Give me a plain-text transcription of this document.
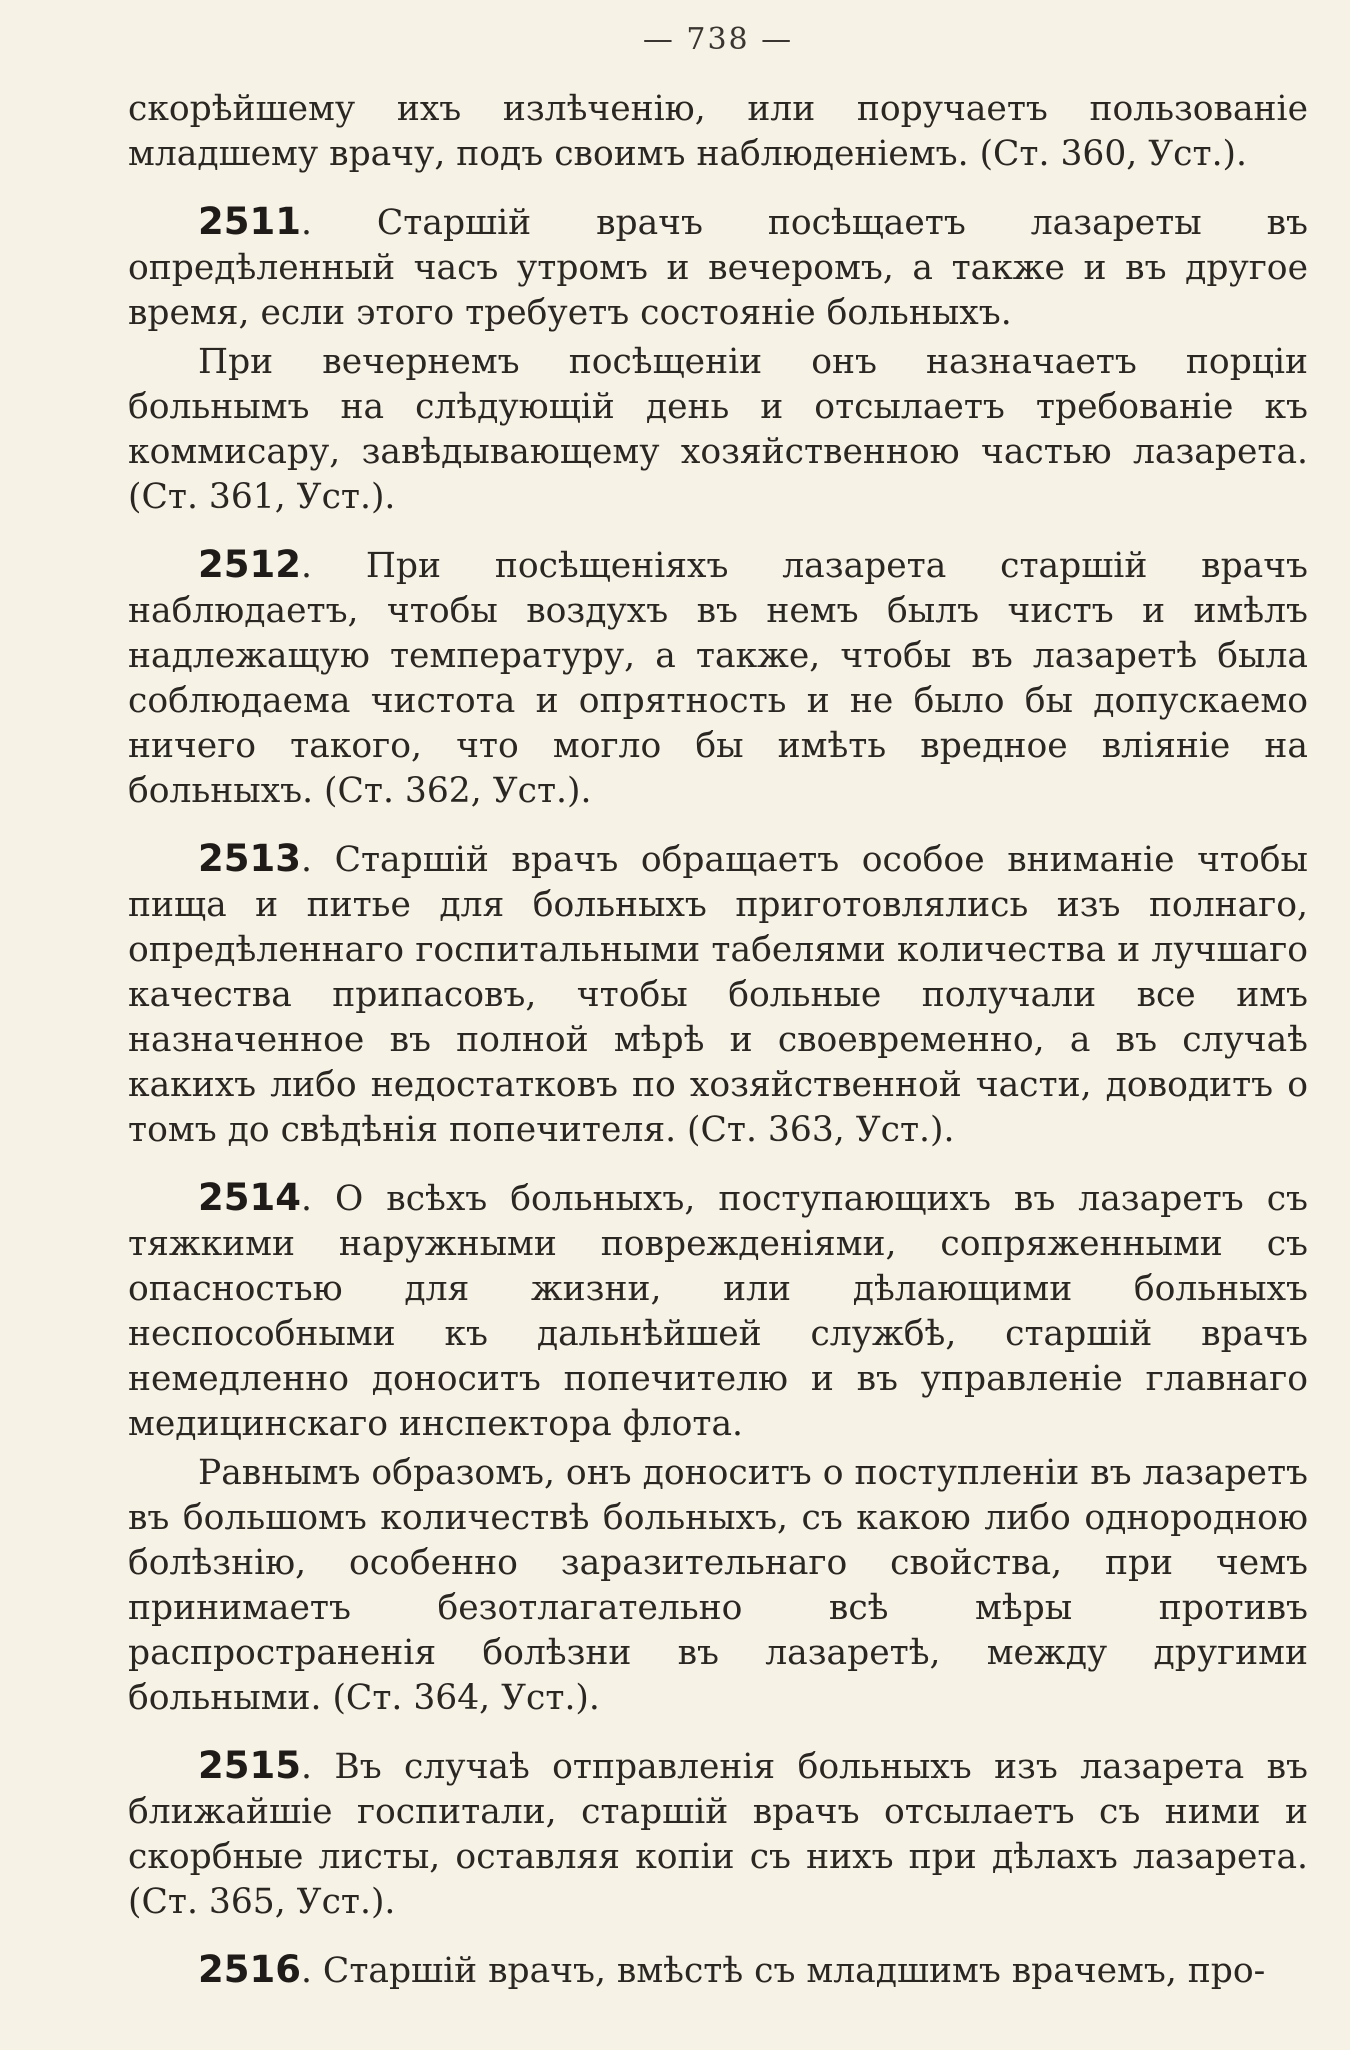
— 738 —

скорѣйшему ихъ излѣченію, или поручаетъ пользованіе младшему врачу, подъ своимъ наблюденіемъ. (Ст. 360, Уст.).

2511. Старшій врачъ посѣщаетъ лазареты въ опредѣленный часъ утромъ и вечеромъ, а также и въ другое время, если этого требуетъ состояніе больныхъ.

При вечернемъ посѣщеніи онъ назначаетъ порціи больнымъ на слѣдующій день и отсылаетъ требованіе къ коммисару, завѣдывающему хозяйственною частью лазарета. (Ст. 361, Уст.).

2512. При посѣщеніяхъ лазарета старшій врачъ наблюдаетъ, чтобы воздухъ въ немъ былъ чистъ и имѣлъ надлежащую температуру, а также, чтобы въ лазаретѣ была соблюдаема чистота и опрятность и не было бы допускаемо ничего такого, что могло бы имѣть вредное вліяніе на больныхъ. (Ст. 362, Уст.).

2513. Старшій врачъ обращаетъ особое вниманіе чтобы пища и питье для больныхъ приготовлялись изъ полнаго, опредѣленнаго госпитальными табелями количества и лучшаго качества припасовъ, чтобы больные получали все имъ назначенное въ полной мѣрѣ и своевременно, а въ случаѣ какихъ либо недостатковъ по хозяйственной части, доводитъ о томъ до свѣдѣнія попечителя. (Ст. 363, Уст.).

2514. О всѣхъ больныхъ, поступающихъ въ лазаретъ съ тяжкими наружными поврежденіями, сопряженными съ опасностью для жизни, или дѣлающими больныхъ неспособными къ дальнѣйшей службѣ, старшій врачъ немедленно доноситъ попечителю и въ управленіе главнаго медицинскаго инспектора флота.

Равнымъ образомъ, онъ доноситъ о поступленіи въ лазаретъ въ большомъ количествѣ больныхъ, съ какою либо однородною болѣзнію, особенно заразительнаго свойства, при чемъ принимаетъ безотлагательно всѣ мѣры противъ распространенія болѣзни въ лазаретѣ, между другими больными. (Ст. 364, Уст.).

2515. Въ случаѣ отправленія больныхъ изъ лазарета въ ближайшіе госпитали, старшій врачъ отсылаетъ съ ними и скорбные листы, оставляя копіи съ нихъ при дѣлахъ лазарета. (Ст. 365, Уст.).

2516. Старшій врачъ, вмѣстѣ съ младшимъ врачемъ, про-
